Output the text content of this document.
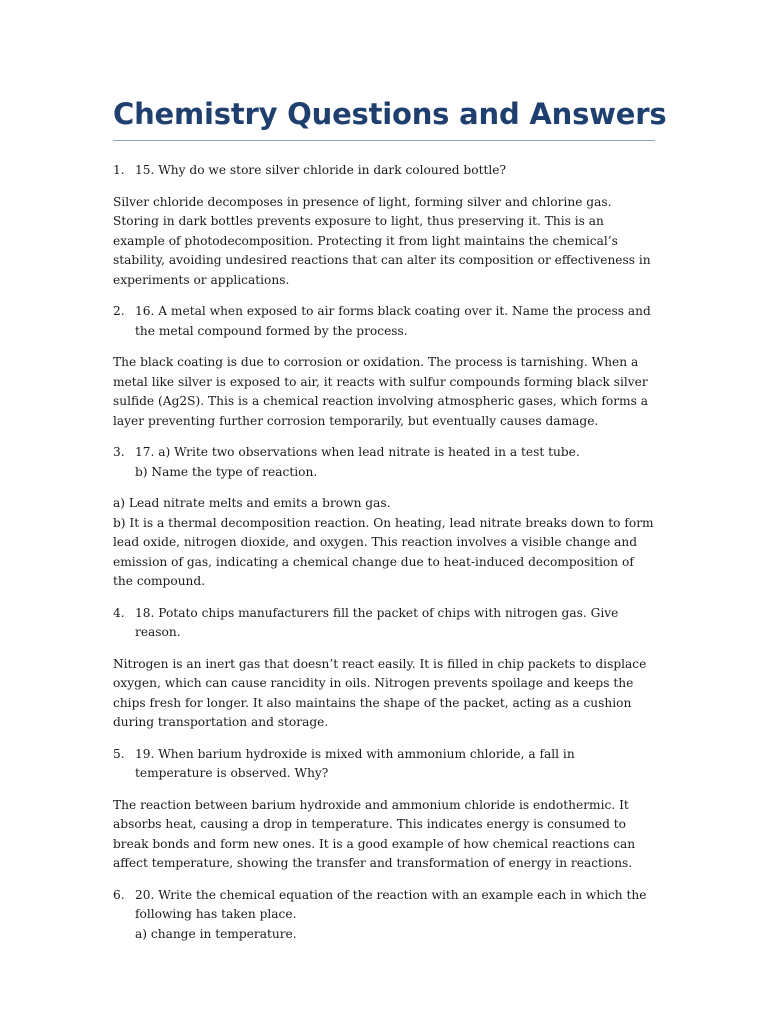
Chemistry Questions and Answers
1. 15. Why do we store silver chloride in dark coloured bottle?
Silver chloride decomposes in presence of light, forming silver and chlorine gas. Storing in dark bottles prevents exposure to light, thus preserving it. This is an example of photodecomposition. Protecting it from light maintains the chemical’s stability, avoiding undesired reactions that can alter its composition or effectiveness in experiments or applications.
2. 16. A metal when exposed to air forms black coating over it. Name the process and the metal compound formed by the process.
The black coating is due to corrosion or oxidation. The process is tarnishing. When a metal like silver is exposed to air, it reacts with sulfur compounds forming black silver sulfide (Ag2S). This is a chemical reaction involving atmospheric gases, which forms a layer preventing further corrosion temporarily, but eventually causes damage.
3. 17. a) Write two observations when lead nitrate is heated in a test tube.
b) Name the type of reaction.
a) Lead nitrate melts and emits a brown gas.
b) It is a thermal decomposition reaction. On heating, lead nitrate breaks down to form lead oxide, nitrogen dioxide, and oxygen. This reaction involves a visible change and emission of gas, indicating a chemical change due to heat-induced decomposition of the compound.
4. 18. Potato chips manufacturers fill the packet of chips with nitrogen gas. Give reason.
Nitrogen is an inert gas that doesn’t react easily. It is filled in chip packets to displace oxygen, which can cause rancidity in oils. Nitrogen prevents spoilage and keeps the chips fresh for longer. It also maintains the shape of the packet, acting as a cushion during transportation and storage.
5. 19. When barium hydroxide is mixed with ammonium chloride, a fall in temperature is observed. Why?
The reaction between barium hydroxide and ammonium chloride is endothermic. It absorbs heat, causing a drop in temperature. This indicates energy is consumed to break bonds and form new ones. It is a good example of how chemical reactions can affect temperature, showing the transfer and transformation of energy in reactions.
6. 20. Write the chemical equation of the reaction with an example each in which the following has taken place.
a) change in temperature.
